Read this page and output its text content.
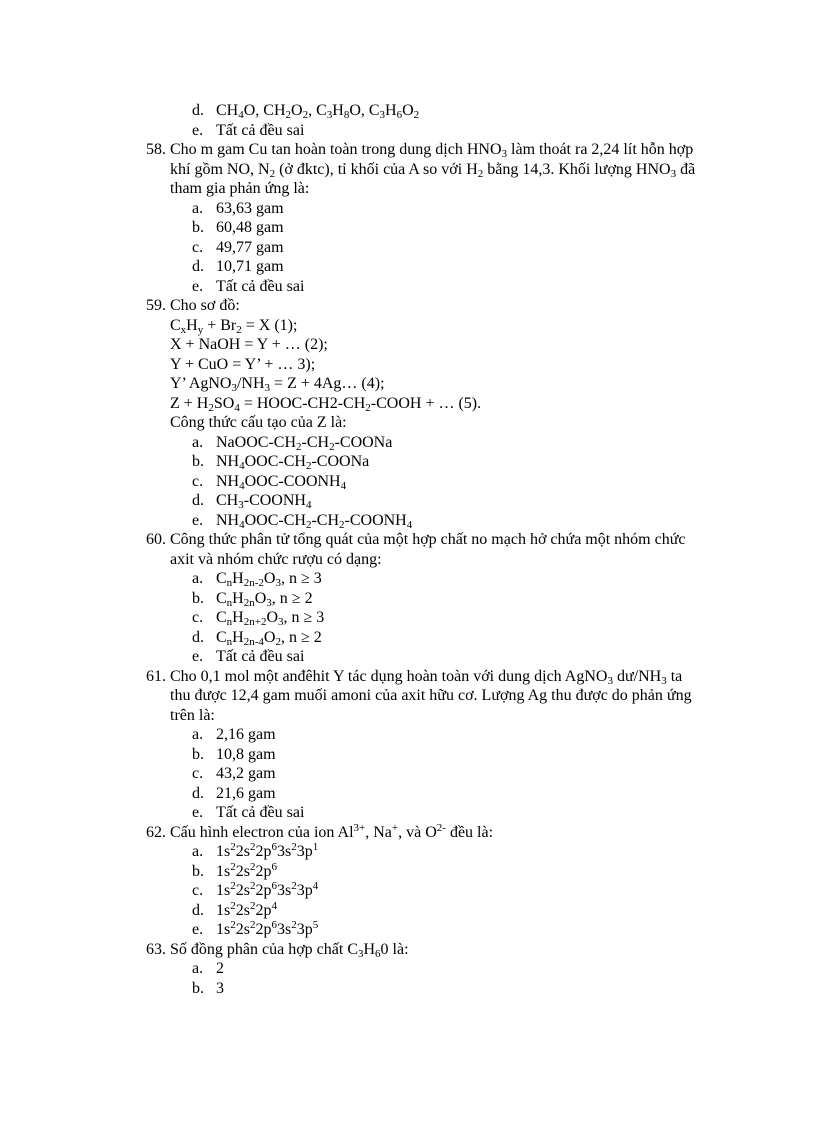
d. $CH_4O$, $CH_2O_2$, $C_3H_8O$, $C_3H_6O_2$
e. Tất cả đều sai
58. Cho m gam Cu tan hoàn toàn trong dung dịch $HNO_3$ làm thoát ra 2,24 lít hỗn hợp
khí gồm NO, $N_2$ (ở đktc), tỉ khối của A so với $H_2$ bằng 14,3. Khối lượng $HNO_3$ đã
tham gia phản ứng là:
a. 63,63 gam
b. 60,48 gam
c. 49,77 gam
d. 10,71 gam
e. Tất cả đều sai
59. Cho sơ đồ:
$C_xH_y + Br_2 = X$ (1);
X + NaOH = Y + … (2);
Y + CuO = Y’ + … 3);
Y’ $AgNO_3/NH_3 = Z$ + 4Ag… (4);
$Z + H_2SO_4$ = HOOC-$CH2-CH_2$-COOH + … (5).
Công thức cấu tạo của Z là:
a. NaOOC-$CH_2-CH_2$-COONa
b. $NH_4OOC-CH_2$-COONa
c. $NH_4OOC-COONH_4$
d. $CH_3-COONH_4$
e. $NH_4OOC-CH_2-CH_2-COONH_4$
60. Công thức phân tử tổng quát của một hợp chất no mạch hở chứa một nhóm chức
axit và nhóm chức rượu có dạng:
a. $C_nH_{2n-2}O_3$, n ≥ 3
b. $C_nH_{2n}O_3$, n ≥ 2
c. $C_nH_{2n+2}O_3$, n ≥ 3
d. $C_nH_{2n-4}O_2$, n ≥ 2
e. Tất cả đều sai
61. Cho 0,1 mol một anđêhit Y tác dụng hoàn toàn với dung dịch AgNO$_3$ $dư/NH_3$ ta
thu được 12,4 gam muối amoni của axit hữu cơ. Lượng Ag thu được do phản ứng
trên là:
a. 2,16 gam
b. 10,8 gam
c. 43,2 gam
d. 21,6 gam
e. Tất cả đều sai
62. Cấu hình electron của ion $Al^{3+}$, Na+, và $O^{2-}$ đều là:
a. $1s^22s^22p^63s^23p^1$
b. $1s^22s^22p^6$
c. $1s^22s^22p^63s^23p^4$
d. $1s^22s^22p^4$
e. $1s^22s^22p^63s^23p^5$
63. Số đồng phân của hợp chất $C_3H_60$ là:
a. 2
b. 3
